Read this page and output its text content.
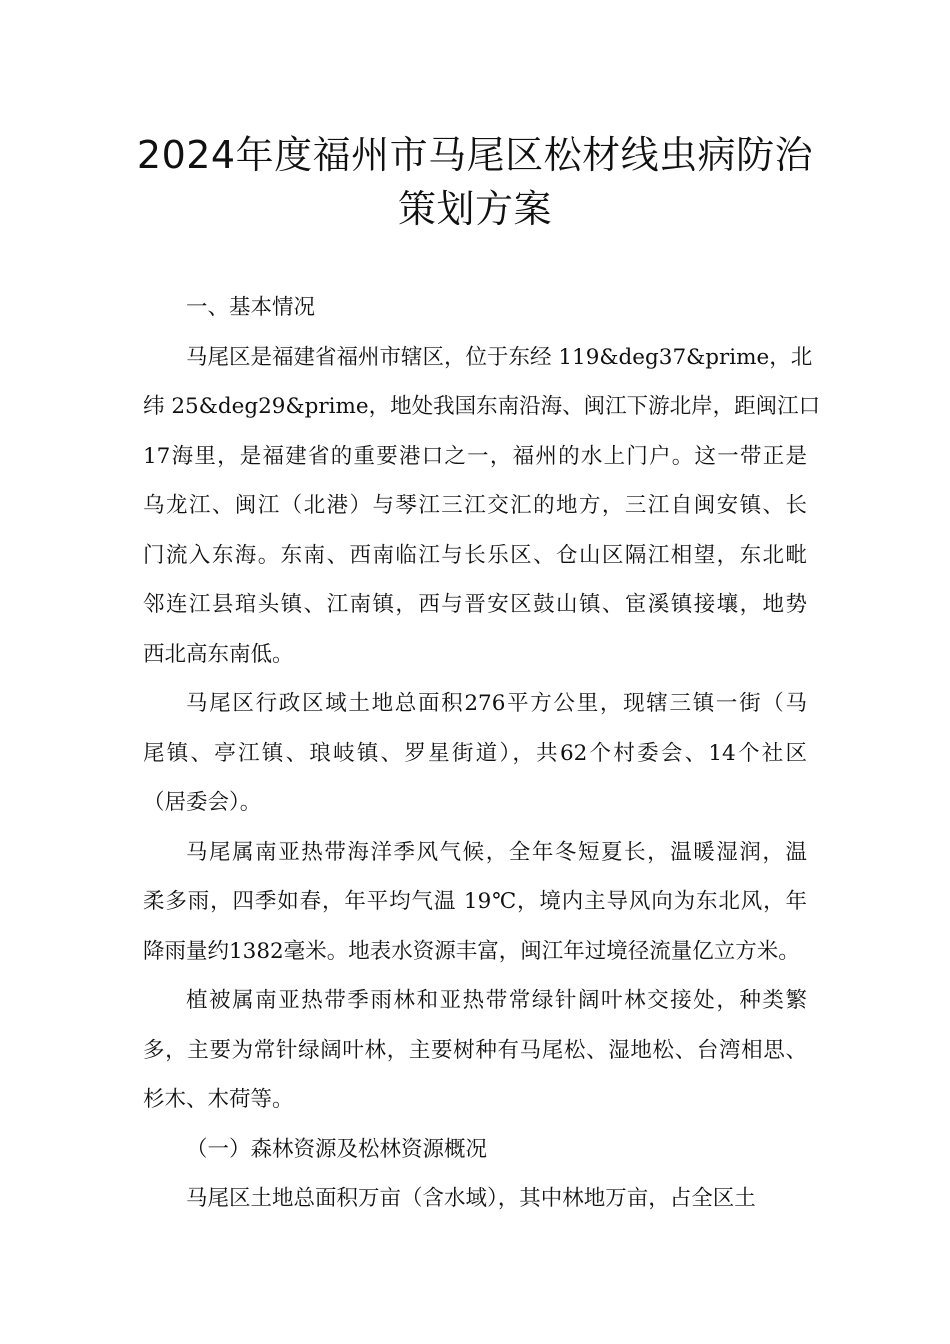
2024年度福州市马尾区松材线虫病防治
策划方案

一、基本情况

马尾区是福建省福州市辖区，位于东经 119&deg37&prime，北
纬 25&deg29&prime，地处我国东南沿海、闽江下游北岸，距闽江口
17海里，是福建省的重要港口之一，福州的水上门户。这一带正是
乌龙江、闽江（北港）与琴江三江交汇的地方，三江自闽安镇、长
门流入东海。东南、西南临江与长乐区、仓山区隔江相望，东北毗
邻连江县琯头镇、江南镇，西与晋安区鼓山镇、宦溪镇接壤，地势
西北高东南低。

马尾区行政区域土地总面积276平方公里，现辖三镇一街（马
尾镇、亭江镇、琅岐镇、罗星街道），共62个村委会、14个社区
（居委会）。

马尾属南亚热带海洋季风气候，全年冬短夏长，温暖湿润，温
柔多雨，四季如春，年平均气温 19℃，境内主导风向为东北风，年
降雨量约1382毫米。地表水资源丰富，闽江年过境径流量亿立方米。

植被属南亚热带季雨林和亚热带常绿针阔叶林交接处，种类繁
多，主要为常针绿阔叶林，主要树种有马尾松、湿地松、台湾相思、
杉木、木荷等。

（一）森林资源及松林资源概况

马尾区土地总面积万亩（含水域），其中林地万亩，占全区土
